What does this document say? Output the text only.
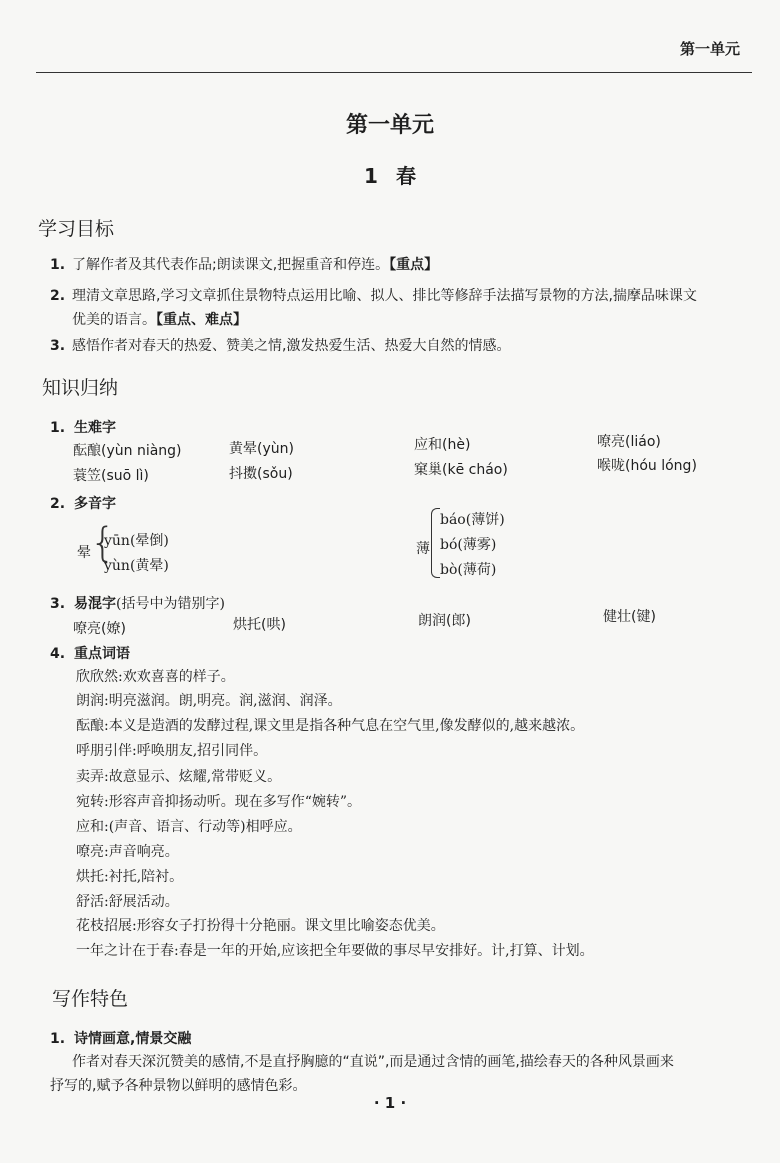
第一单元
第一单元
1 春
学习目标
1. 了解作者及其代表作品;朗读课文,把握重音和停连。【重点】
2. 理清文章思路,学习文章抓住景物特点运用比喻、拟人、排比等修辞手法描写景物的方法,揣摩品味课文
优美的语言。【重点、难点】
3. 感悟作者对春天的热爱、赞美之情,激发热爱生活、热爱大自然的情感。
知识归纳
1. 生难字
酝酿(yùn niàng)	黄晕(yùn)	应和(hè)	嘹亮(liáo)
蓑笠(suō lì)	抖擞(sǒu)	窠巢(kē cháo)	喉咙(hóu lóng)
2. 多音字
晕 {
yūn(晕倒)
yùn(黄晕)
薄
báo(薄饼)
bó(薄雾)
bò(薄荷)
3. 易混字(括号中为错别字)
嘹亮(嫽)	烘托(哄)	朗润(郎)	健壮(键)
4. 重点词语
欣欣然:欢欢喜喜的样子。
朗润:明亮滋润。朗,明亮。润,滋润、润泽。
酝酿:本义是造酒的发酵过程,课文里是指各种气息在空气里,像发酵似的,越来越浓。
呼朋引伴:呼唤朋友,招引同伴。
卖弄:故意显示、炫耀,常带贬义。
宛转:形容声音抑扬动听。现在多写作“婉转”。
应和:(声音、语言、行动等)相呼应。
嘹亮:声音响亮。
烘托:衬托,陪衬。
舒活:舒展活动。
花枝招展:形容女子打扮得十分艳丽。课文里比喻姿态优美。
一年之计在于春:春是一年的开始,应该把全年要做的事尽早安排好。计,打算、计划。
写作特色
1. 诗情画意,情景交融
作者对春天深沉赞美的感情,不是直抒胸臆的“直说”,而是通过含情的画笔,描绘春天的各种风景画来
抒写的,赋予各种景物以鲜明的感情色彩。
· 1 ·
